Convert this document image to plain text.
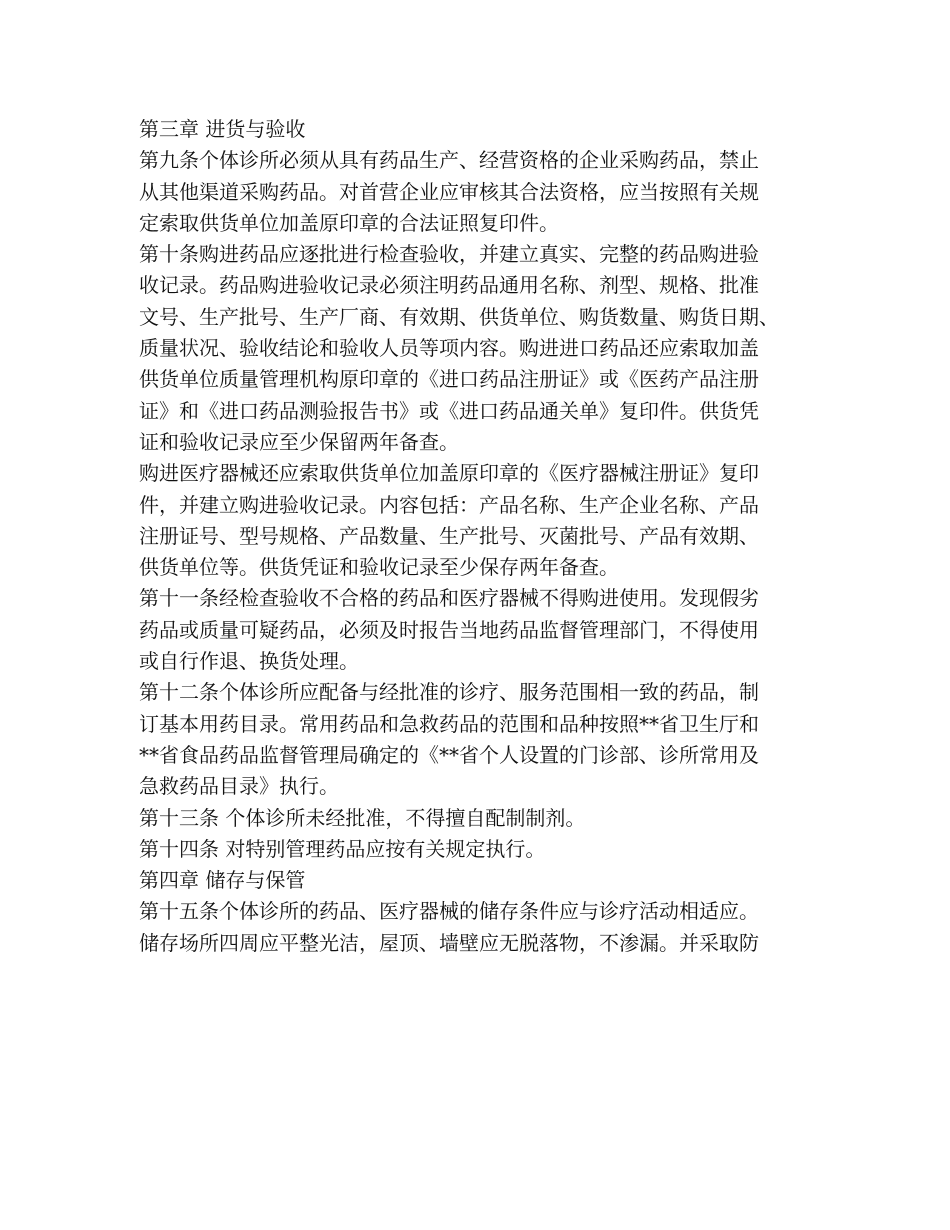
第三章 进货与验收
第九条个体诊所必须从具有药品生产、经营资格的企业采购药品，禁止
从其他渠道采购药品。对首营企业应审核其合法资格，应当按照有关规
定索取供货单位加盖原印章的合法证照复印件。
第十条购进药品应逐批进行检查验收，并建立真实、完整的药品购进验
收记录。药品购进验收记录必须注明药品通用名称、剂型、规格、批准
文号、生产批号、生产厂商、有效期、供货单位、购货数量、购货日期、
质量状况、验收结论和验收人员等项内容。购进进口药品还应索取加盖
供货单位质量管理机构原印章的《进口药品注册证》或《医药产品注册
证》和《进口药品测验报告书》或《进口药品通关单》复印件。供货凭
证和验收记录应至少保留两年备查。
购进医疗器械还应索取供货单位加盖原印章的《医疗器械注册证》复印
件，并建立购进验收记录。内容包括：产品名称、生产企业名称、产品
注册证号、型号规格、产品数量、生产批号、灭菌批号、产品有效期、
供货单位等。供货凭证和验收记录至少保存两年备查。
第十一条经检查验收不合格的药品和医疗器械不得购进使用。发现假劣
药品或质量可疑药品，必须及时报告当地药品监督管理部门，不得使用
或自行作退、换货处理。
第十二条个体诊所应配备与经批准的诊疗、服务范围相一致的药品，制
订基本用药目录。常用药品和急救药品的范围和品种按照**省卫生厅和
**省食品药品监督管理局确定的《**省个人设置的门诊部、诊所常用及
急救药品目录》执行。
第十三条 个体诊所未经批准，不得擅自配制制剂。
第十四条 对特别管理药品应按有关规定执行。
第四章 储存与保管
第十五条个体诊所的药品、医疗器械的储存条件应与诊疗活动相适应。
储存场所四周应平整光洁，屋顶、墙壁应无脱落物，不渗漏。并采取防
